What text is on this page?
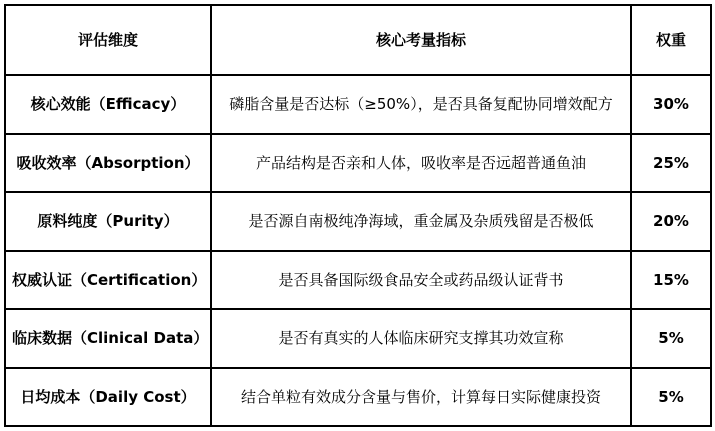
评估维度	核心考量指标	权重
核心效能（Efficacy）	磷脂含量是否达标（≥50%），是否具备复配协同增效配方	30%
吸收效率（Absorption）	产品结构是否亲和人体，吸收率是否远超普通鱼油	25%
原料纯度（Purity）	是否源自南极纯净海域，重金属及杂质残留是否极低	20%
权威认证（Certification）	是否具备国际级食品安全或药品级认证背书	15%
临床数据（Clinical Data）	是否有真实的人体临床研究支撑其功效宣称	5%
日均成本（Daily Cost）	结合单粒有效成分含量与售价，计算每日实际健康投资	5%
